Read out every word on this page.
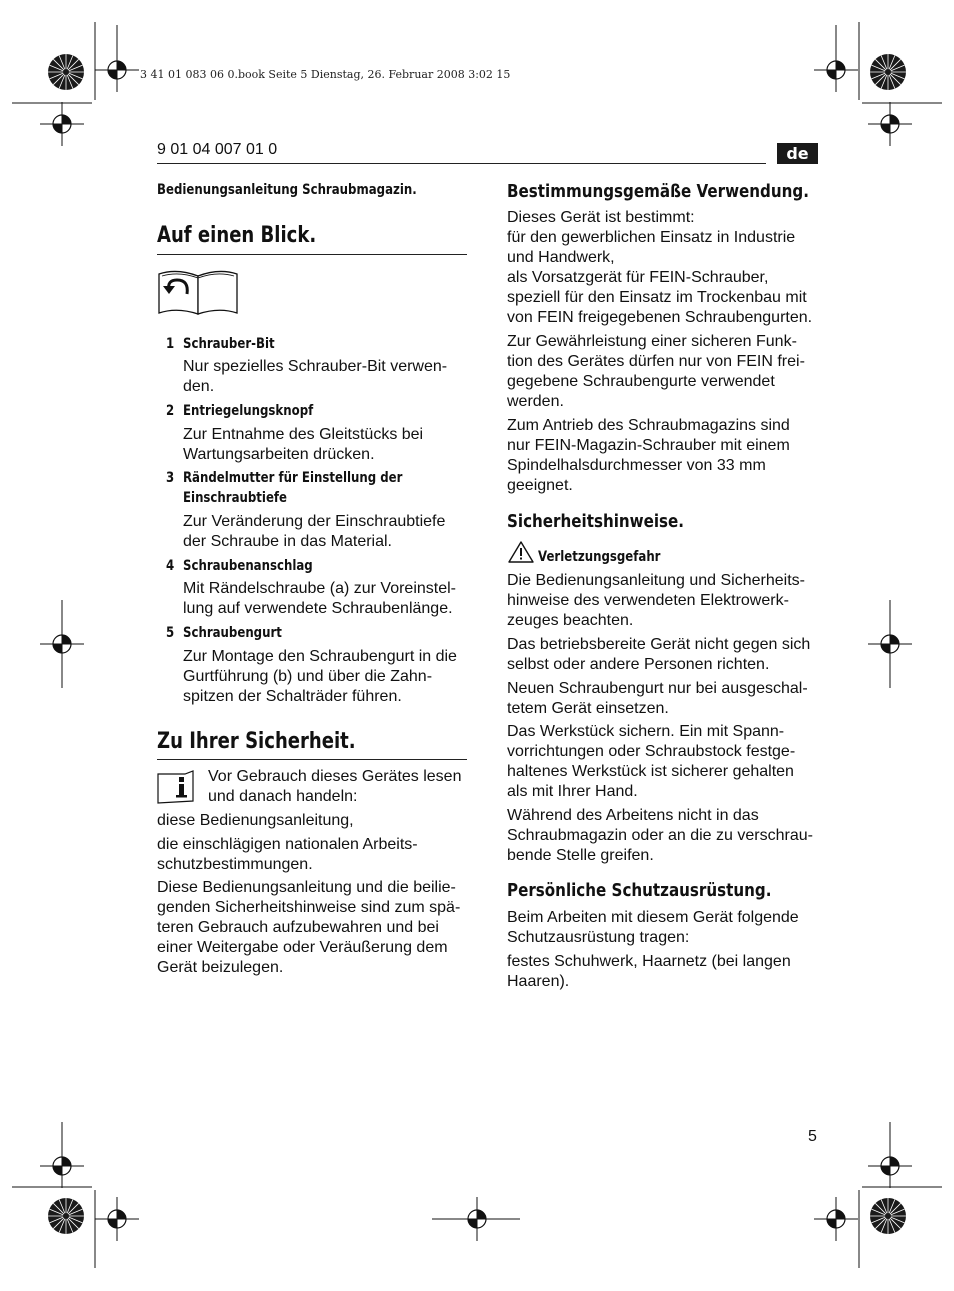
3 41 01 083 06 0.book Seite 5 Dienstag, 26. Februar 2008 3:02 15
9 01 04 007 01 0	de
Bedienungsanleitung Schraubmagazin.
Auf einen Blick.
1 Schrauber-Bit
Nur spezielles Schrauber-Bit verwen-
den.
2 Entriegelungsknopf
Zur Entnahme des Gleitstücks bei
Wartungsarbeiten drücken.
3 Rändelmutter für Einstellung der
Einschraubtiefe
Zur Veränderung der Einschraubtiefe
der Schraube in das Material.
4 Schraubenanschlag
Mit Rändelschraube (a) zur Voreinstel-
lung auf verwendete Schraubenlänge.
5 Schraubengurt
Zur Montage den Schraubengurt in die
Gurtführung (b) und über die Zahn-
spitzen der Schalträder führen.
Zu Ihrer Sicherheit.
Vor Gebrauch dieses Gerätes lesen
und danach handeln:
diese Bedienungsanleitung,
die einschlägigen nationalen Arbeits-
schutzbestimmungen.
Diese Bedienungsanleitung und die beilie-
genden Sicherheitshinweise sind zum spä-
teren Gebrauch aufzubewahren und bei
einer Weitergabe oder Veräußerung dem
Gerät beizulegen.
Bestimmungsgemäße Verwendung.
Dieses Gerät ist bestimmt:
für den gewerblichen Einsatz in Industrie
und Handwerk,
als Vorsatzgerät für FEIN-Schrauber,
speziell für den Einsatz im Trockenbau mit
von FEIN freigegebenen Schraubengurten.
Zur Gewährleistung einer sicheren Funk-
tion des Gerätes dürfen nur von FEIN frei-
gegebene Schraubengurte verwendet
werden.
Zum Antrieb des Schraubmagazins sind
nur FEIN-Magazin-Schrauber mit einem
Spindelhalsdurchmesser von 33 mm
geeignet.
Sicherheitshinweise.
Verletzungsgefahr
Die Bedienungsanleitung und Sicherheits-
hinweise des verwendeten Elektrowerk-
zeuges beachten.
Das betriebsbereite Gerät nicht gegen sich
selbst oder andere Personen richten.
Neuen Schraubengurt nur bei ausgeschal-
tetem Gerät einsetzen.
Das Werkstück sichern. Ein mit Spann-
vorrichtungen oder Schraubstock festge-
haltenes Werkstück ist sicherer gehalten
als mit Ihrer Hand.
Während des Arbeitens nicht in das
Schraubmagazin oder an die zu verschrau-
bende Stelle greifen.
Persönliche Schutzausrüstung.
Beim Arbeiten mit diesem Gerät folgende
Schutzausrüstung tragen:
festes Schuhwerk, Haarnetz (bei langen
Haaren).
5
